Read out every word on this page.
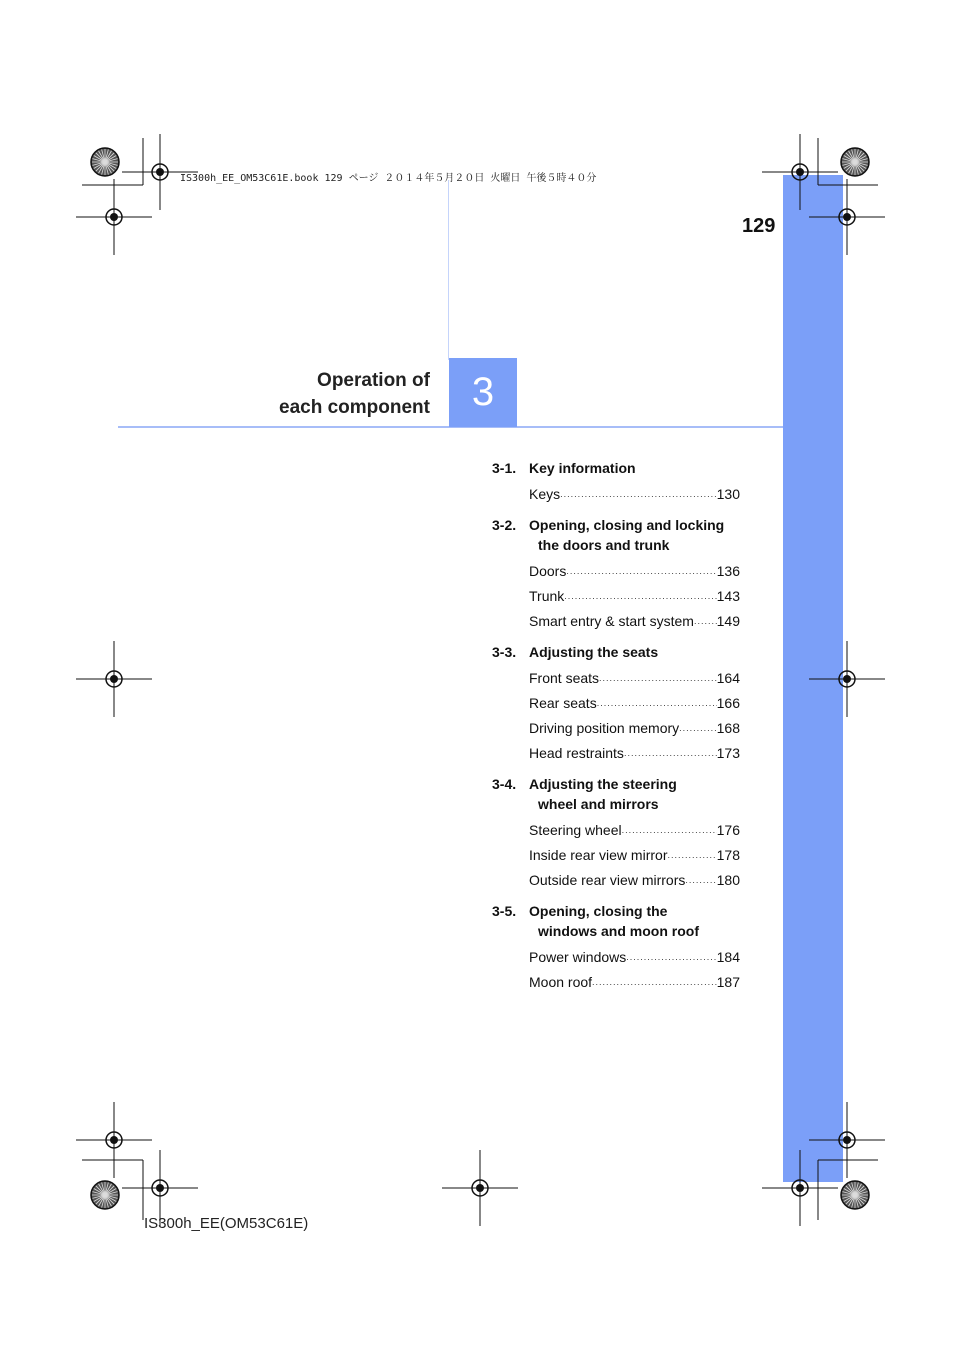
IS300h_EE_OM53C61E.book 129 ページ ２０１４年５月２０日 火曜日 午後５時４０分
129
Operation of
each component	3
3-1. Key information
Keys .....	130
3-2. Opening, closing and locking
the doors and trunk
Doors .....	136
Trunk .....	143
Smart entry & start system ..... 149
3-3. Adjusting the seats
Front seats .....	164
Rear seats .....	166
Driving position memory .....	168
Head restraints .....	173
3-4. Adjusting the steering
wheel and mirrors
Steering wheel .....	176
Inside rear view mirror .....	178
Outside rear view mirrors ..... 180
3-5. Opening, closing the
windows and moon roof
Power windows .....	184
Moon roof .....	187
IS300h_EE(OM53C61E)
